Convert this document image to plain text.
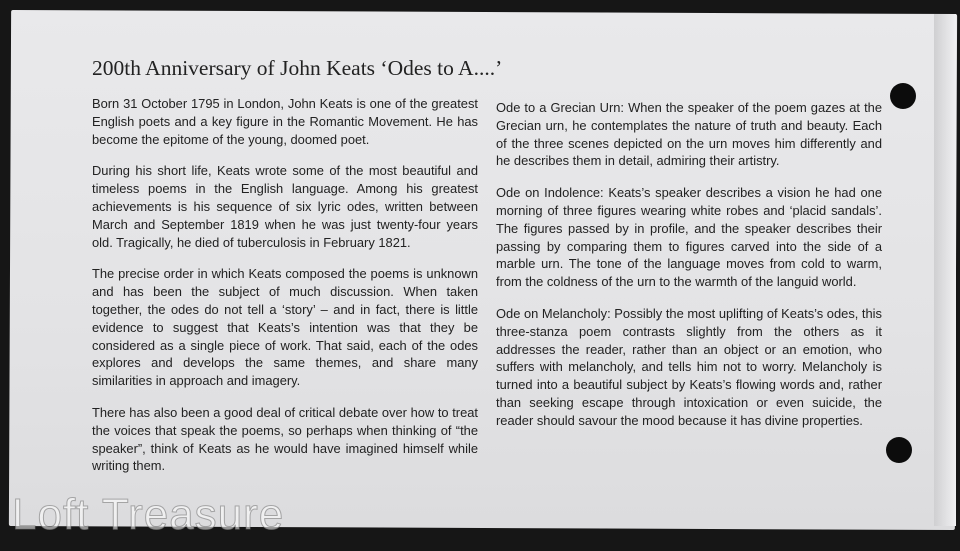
200th Anniversary of John Keats ‘Odes to A....’

Born 31 October 1795 in London, John Keats is one of the greatest English poets and a key figure in the Romantic Movement. He has become the epitome of the young, doomed poet.

During his short life, Keats wrote some of the most beautiful and timeless poems in the English language. Among his greatest achievements is his sequence of six lyric odes, written between March and September 1819 when he was just twenty-four years old. Tragically, he died of tuberculosis in February 1821.

The precise order in which Keats composed the poems is unknown and has been the subject of much discussion. When taken together, the odes do not tell a ‘story’ – and in fact, there is little evidence to suggest that Keats’s intention was that they be considered as a single piece of work. That said, each of the odes explores and develops the same themes, and share many similarities in approach and imagery.

There has also been a good deal of critical debate over how to treat the voices that speak the poems, so perhaps when thinking of “the speaker”, think of Keats as he would have imagined himself while writing them.

Ode to a Grecian Urn: When the speaker of the poem gazes at the Grecian urn, he contemplates the nature of truth and beauty. Each of the three scenes depicted on the urn moves him differently and he describes them in detail, admiring their artistry.

Ode on Indolence: Keats’s speaker describes a vision he had one morning of three figures wearing white robes and ‘placid sandals’. The figures passed by in profile, and the speaker describes their passing by comparing them to figures carved into the side of a marble urn. The tone of the language moves from cold to warm, from the coldness of the urn to the warmth of the languid world.

Ode on Melancholy: Possibly the most uplifting of Keats’s odes, this three-stanza poem contrasts slightly from the others as it addresses the reader, rather than an object or an emotion, who suffers with melancholy, and tells him not to worry. Melancholy is turned into a beautiful subject by Keats’s flowing words and, rather than seeking escape through intoxication or even suicide, the reader should savour the mood because it has divine properties.

Loft Treasure
